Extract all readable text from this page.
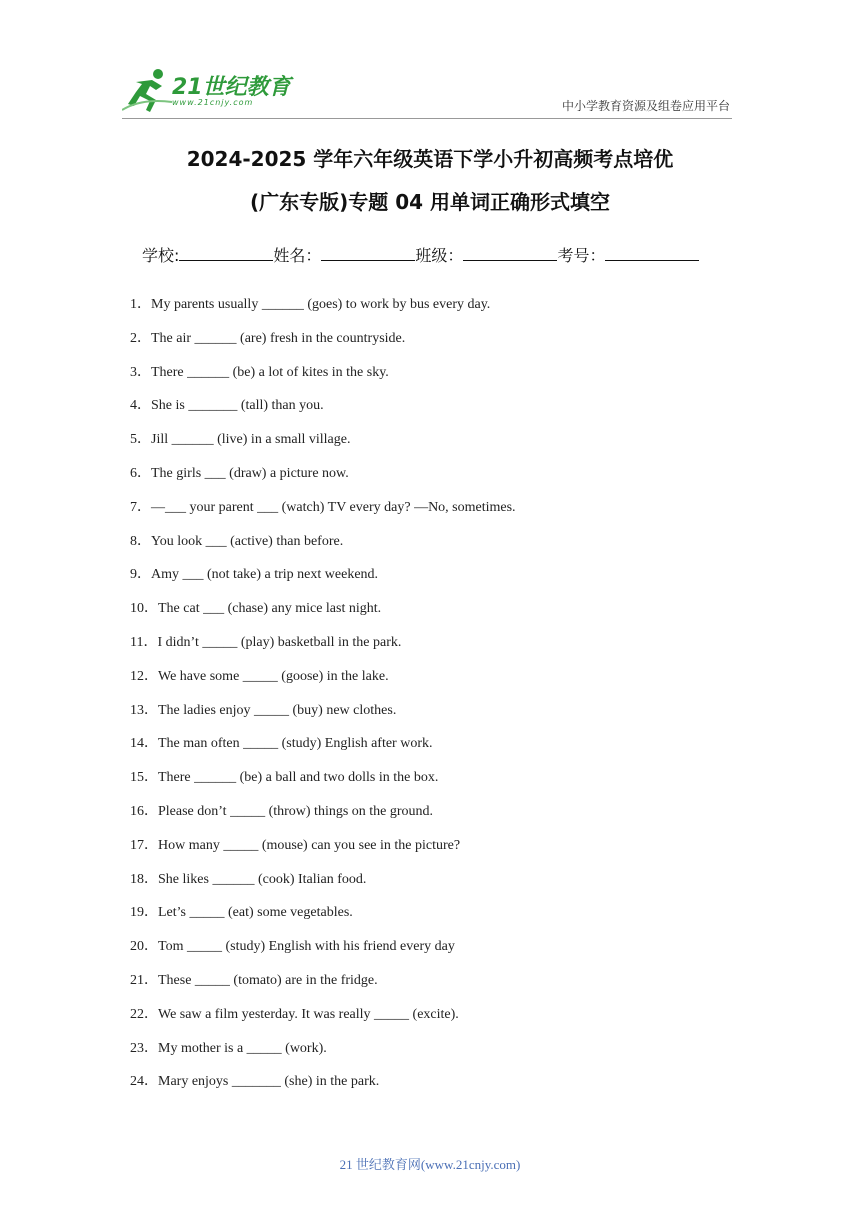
21世纪教育
www.21cnjy.com	中小学教育资源及组卷应用平台
2024-2025 学年六年级英语下学小升初高频考点培优
(广东专版)专题 04 用单词正确形式填空
学校:	姓名：	班级：	考号：
1．My parents usually ______ (goes) to work by bus every day.
2．The air ______ (are) fresh in the countryside.
3．There ______ (be) a lot of kites in the sky.
4．She is _______ (tall) than you.
5．Jill ______ (live) in a small village.
6．The girls ___ (draw) a picture now.
7．—___ your parent ___ (watch) TV every day? —No, sometimes.
8．You look ___ (active) than before.
9．Amy ___ (not take) a trip next weekend.
10．The cat ___ (chase) any mice last night.
11．I didn’t _____ (play) basketball in the park.
12．We have some _____ (goose) in the lake.
13．The ladies enjoy _____ (buy) new clothes.
14．The man often _____ (study) English after work.
15．There ______ (be) a ball and two dolls in the box.
16．Please don’t _____ (throw) things on the ground.
17．How many _____ (mouse) can you see in the picture?
18．She likes ______ (cook) Italian food.
19．Let’s _____ (eat) some vegetables.
20．Tom _____ (study) English with his friend every day
21．These _____ (tomato) are in the fridge.
22．We saw a film yesterday. It was really _____ (excite).
23．My mother is a _____ (work).
24．Mary enjoys _______ (she) in the park.
21 世纪教育网(www.21cnjy.com)
